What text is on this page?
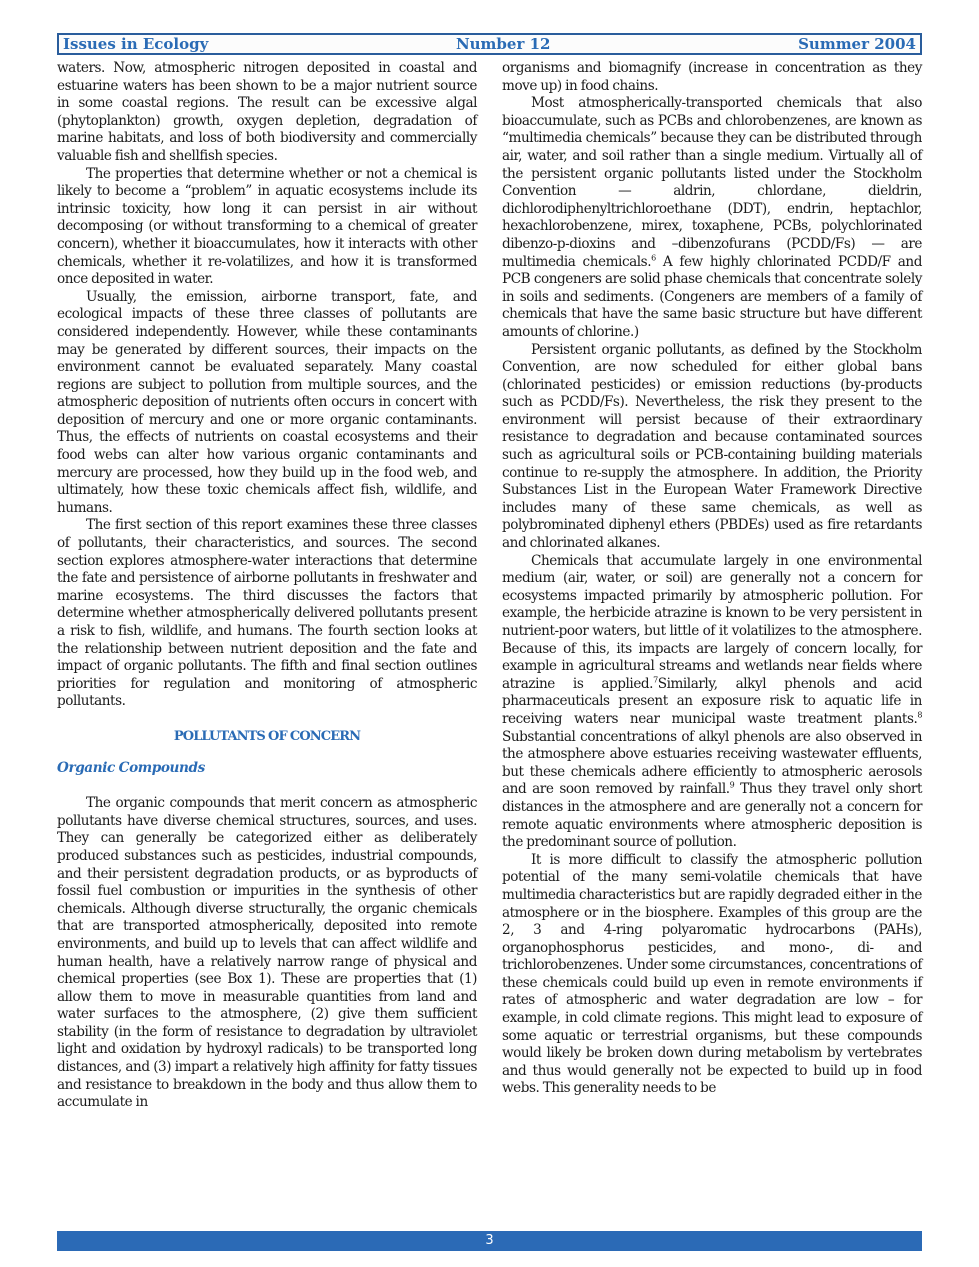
Issues in Ecology	Number 12	Summer 2004

waters. Now, atmospheric nitrogen deposited in coastal and estuarine waters has been shown to be a major nutrient source in some coastal regions. The result can be excessive algal (phytoplankton) growth, oxygen depletion, degradation of marine habitats, and loss of both biodiversity and commercially valuable fish and shellfish species.

The properties that determine whether or not a chemical is likely to become a “problem” in aquatic ecosystems include its intrinsic toxicity, how long it can persist in air without decomposing (or without transforming to a chemical of greater concern), whether it bioaccumulates, how it interacts with other chemicals, whether it re-volatilizes, and how it is transformed once deposited in water.

Usually, the emission, airborne transport, fate, and ecological impacts of these three classes of pollutants are considered independently. However, while these contaminants may be generated by different sources, their impacts on the environment cannot be evaluated separately. Many coastal regions are subject to pollution from multiple sources, and the atmospheric deposition of nutrients often occurs in concert with deposition of mercury and one or more organic contaminants. Thus, the effects of nutrients on coastal ecosystems and their food webs can alter how various organic contaminants and mercury are processed, how they build up in the food web, and ultimately, how these toxic chemicals affect fish, wildlife, and humans.

The first section of this report examines these three classes of pollutants, their characteristics, and sources. The second section explores atmosphere-water interactions that determine the fate and persistence of airborne pollutants in freshwater and marine ecosystems. The third discusses the factors that determine whether atmospherically delivered pollutants present a risk to fish, wildlife, and humans. The fourth section looks at the relationship between nutrient deposition and the fate and impact of organic pollutants. The fifth and final section outlines priorities for regulation and monitoring of atmospheric pollutants.

POLLUTANTS OF CONCERN
Organic Compounds

The organic compounds that merit concern as atmospheric pollutants have diverse chemical structures, sources, and uses. They can generally be categorized either as deliberately produced substances such as pesticides, industrial compounds, and their persistent degradation products, or as byproducts of fossil fuel combustion or impurities in the synthesis of other chemicals. Although diverse structurally, the organic chemicals that are transported atmospherically, deposited into remote environments, and build up to levels that can affect wildlife and human health, have a relatively narrow range of physical and chemical properties (see Box 1). These are properties that (1) allow them to move in measurable quantities from land and water surfaces to the atmosphere, (2) give them sufficient stability (in the form of resistance to degradation by ultraviolet light and oxidation by hydroxyl radicals) to be transported long distances, and (3) impart a relatively high affinity for fatty tissues and resistance to breakdown in the body and thus allow them to accumulate in

organisms and biomagnify (increase in concentration as they move up) in food chains.

Most atmospherically-transported chemicals that also bioaccumulate, such as PCBs and chlorobenzenes, are known as “multimedia chemicals” because they can be distributed through air, water, and soil rather than a single medium. Virtually all of the persistent organic pollutants listed under the Stockholm Convention — aldrin, chlordane, dieldrin, dichlorodiphenyltrichloroethane (DDT), endrin, heptachlor, hexachlorobenzene, mirex, toxaphene, PCBs, polychlorinated dibenzo-p-dioxins and –dibenzofurans (PCDD/Fs) — are multimedia chemicals.$^6$ A few highly chlorinated PCDD/F and PCB congeners are solid phase chemicals that concentrate solely in soils and sediments. (Congeners are members of a family of chemicals that have the same basic structure but have different amounts of chlorine.)

Persistent organic pollutants, as defined by the Stockholm Convention, are now scheduled for either global bans (chlorinated pesticides) or emission reductions (by-products such as PCDD/Fs). Nevertheless, the risk they present to the environment will persist because of their extraordinary resistance to degradation and because contaminated sources such as agricultural soils or PCB-containing building materials continue to re-supply the atmosphere. In addition, the Priority Substances List in the European Water Framework Directive includes many of these same chemicals, as well as polybrominated diphenyl ethers (PBDEs) used as fire retardants and chlorinated alkanes.

Chemicals that accumulate largely in one environmental medium (air, water, or soil) are generally not a concern for ecosystems impacted primarily by atmospheric pollution. For example, the herbicide atrazine is known to be very persistent in nutrient-poor waters, but little of it volatilizes to the atmosphere. Because of this, its impacts are largely of concern locally, for example in agricultural streams and wetlands near fields where atrazine is applied.$^7$Similarly, alkyl phenols and acid pharmaceuticals present an exposure risk to aquatic life in receiving waters near municipal waste treatment plants.$^8$ Substantial concentrations of alkyl phenols are also observed in the atmosphere above estuaries receiving wastewater effluents, but these chemicals adhere efficiently to atmospheric aerosols and are soon removed by rainfall.$^9$ Thus they travel only short distances in the atmosphere and are generally not a concern for remote aquatic environments where atmospheric deposition is the predominant source of pollution.

It is more difficult to classify the atmospheric pollution potential of the many semi-volatile chemicals that have multimedia characteristics but are rapidly degraded either in the atmosphere or in the biosphere. Examples of this group are the 2, 3 and 4-ring polyaromatic hydrocarbons (PAHs), organophosphorus pesticides, and mono-, di- and trichlorobenzenes. Under some circumstances, concentrations of these chemicals could build up even in remote environments if rates of atmospheric and water degradation are low – for example, in cold climate regions. This might lead to exposure of some aquatic or terrestrial organisms, but these compounds would likely be broken down during metabolism by vertebrates and thus would generally not be expected to build up in food webs. This generality needs to be

3
